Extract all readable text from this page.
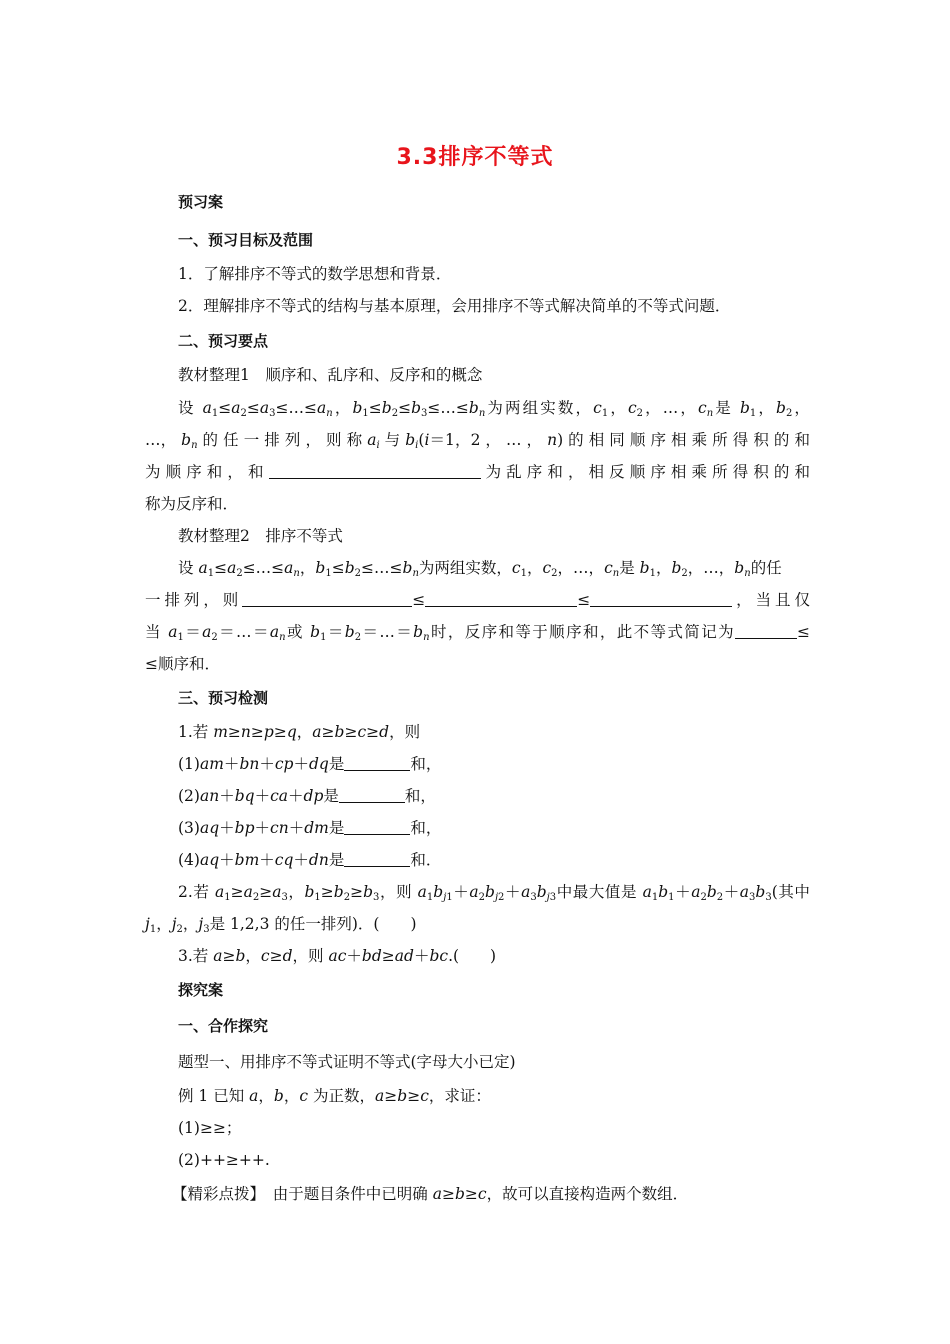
3.3排序不等式
预习案
一、预习目标及范围
1．了解排序不等式的数学思想和背景．
2．理解排序不等式的结构与基本原理，会用排序不等式解决简单的不等式问题．
二、预习要点
教材整理1　顺序和、乱序和、反序和的概念
设 $a_1\le a_2\le a_3\le\dots\le a_n$，$b_1\le b_2\le b_3\le\dots\le b_n$为两组实数，$c_1$，$c_2$，…，$c_n$是 $b_1$，$b_2$，
…， $b_n$ 的 任 一 排 列 ， 则 称 $a_i$ 与 $b_i(i=1$，2 ， … ， n) 的 相 同 顺 序 相 乘 所 得 积 的 和
为 顺 序 和 ， 和	为 乱 序 和 ， 相 反 顺 序 相 乘 所 得 积 的 和
称为反序和．
教材整理2　排序不等式
设 $a_1\le a_2\le\dots\le a_n$，$b_1\le b_2\le\dots\le b_n$为两组实数，$c_1$，$c_2$，…，$c_n$是 $b_1$，$b_2$，…，$b_n$的任
一排列，则	≤	≤	，当且仅
当 $a_1=a_2=\dots=a_n$或 $b_1=b_2=\dots=b_n$时，反序和等于顺序和，此不等式简记为	≤
≤顺序和．
三、预习检测
1.若 m≥n≥p≥q，a≥b≥c≥d，则
(1)am＋bn＋cp＋dq是	和，
(2)an＋bq＋ca＋dp是	和，
(3)aq＋bp＋cn＋dm是	和，
(4)aq＋bm＋cq＋dn是	和．
2.若 $a_1\ge a_2\ge a_3$，$b_1\ge b_2\ge b_3$，则 $a_1b_{j1}+a_2b_{j2}+a_3b_{j3}$中最大值是 $a_1b_1+a_2b_2+a_3b_3$(其中
$j_1$，$j_2$，$j_3$是 1,2,3 的任一排列)．(　　)
3.若 a≥b，c≥d，则 ac＋bd≥ad＋bc.(　　)
探究案
一、合作探究
题型一、用排序不等式证明不等式(字母大小已定)
例 1 已知 a，b，c 为正数，a≥b≥c，求证：
(1)≥≥；
(2)++≥++.
【精彩点拨】　 由于题目条件中已明确 a≥b≥c，故可以直接构造两个数组．
